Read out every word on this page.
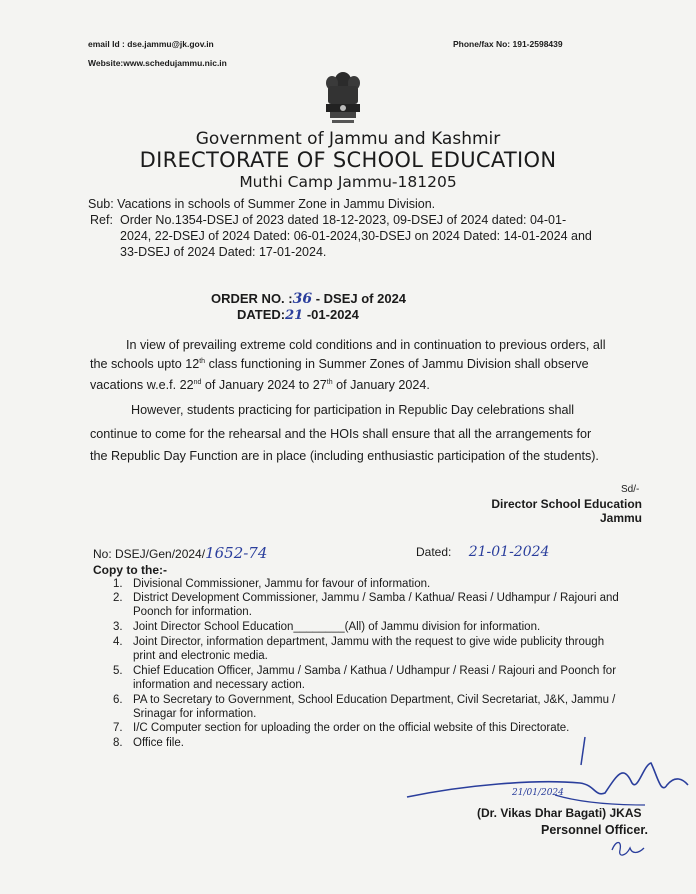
email Id : dse.jammu@jk.gov.in	Phone/fax No: 191-2598439
Website:www.schedujammu.nic.in
Government of Jammu and Kashmir
DIRECTORATE OF SCHOOL EDUCATION
Muthi Camp Jammu-181205
Sub: Vacations in schools of Summer Zone in Jammu Division.
Ref: Order No.1354-DSEJ of 2023 dated 18-12-2023, 09-DSEJ of 2024 dated: 04-01-
2024, 22-DSEJ of 2024 Dated: 06-01-2024,30-DSEJ on 2024 Dated: 14-01-2024 and
33-DSEJ of 2024 Dated: 17-01-2024.
ORDER NO. :36 - DSEJ of 2024
DATED:21 -01-2024
In view of prevailing extreme cold conditions and in continuation to previous orders, all
the schools upto 12th class functioning in Summer Zones of Jammu Division shall observe
vacations w.e.f. 22nd of January 2024 to 27th of January 2024.
However, students practicing for participation in Republic Day celebrations shall
continue to come for the rehearsal and the HOIs shall ensure that all the arrangements for
the Republic Day Function are in place (including enthusiastic participation of the students).
Sd/-
Director School Education
Jammu
No: DSEJ/Gen/2024/1652-74	Dated: 21-01-2024
Copy to the:-
1. Divisional Commissioner, Jammu for favour of information.
2. District Development Commissioner, Jammu / Samba / Kathua/ Reasi / Udhampur / Rajouri and
Poonch for information.
3. Joint Director School Education________(All) of Jammu division for information.
4. Joint Director, information department, Jammu with the request to give wide publicity through
print and electronic media.
5. Chief Education Officer, Jammu / Samba / Kathua / Udhampur / Reasi / Rajouri and Poonch for
information and necessary action.
6. PA to Secretary to Government, School Education Department, Civil Secretariat, J&K, Jammu /
Srinagar for information.
7. I/C Computer section for uploading the order on the official website of this Directorate.
8. Office file.
21/01/2024
(Dr. Vikas Dhar Bagati) JKAS
Personnel Officer.
